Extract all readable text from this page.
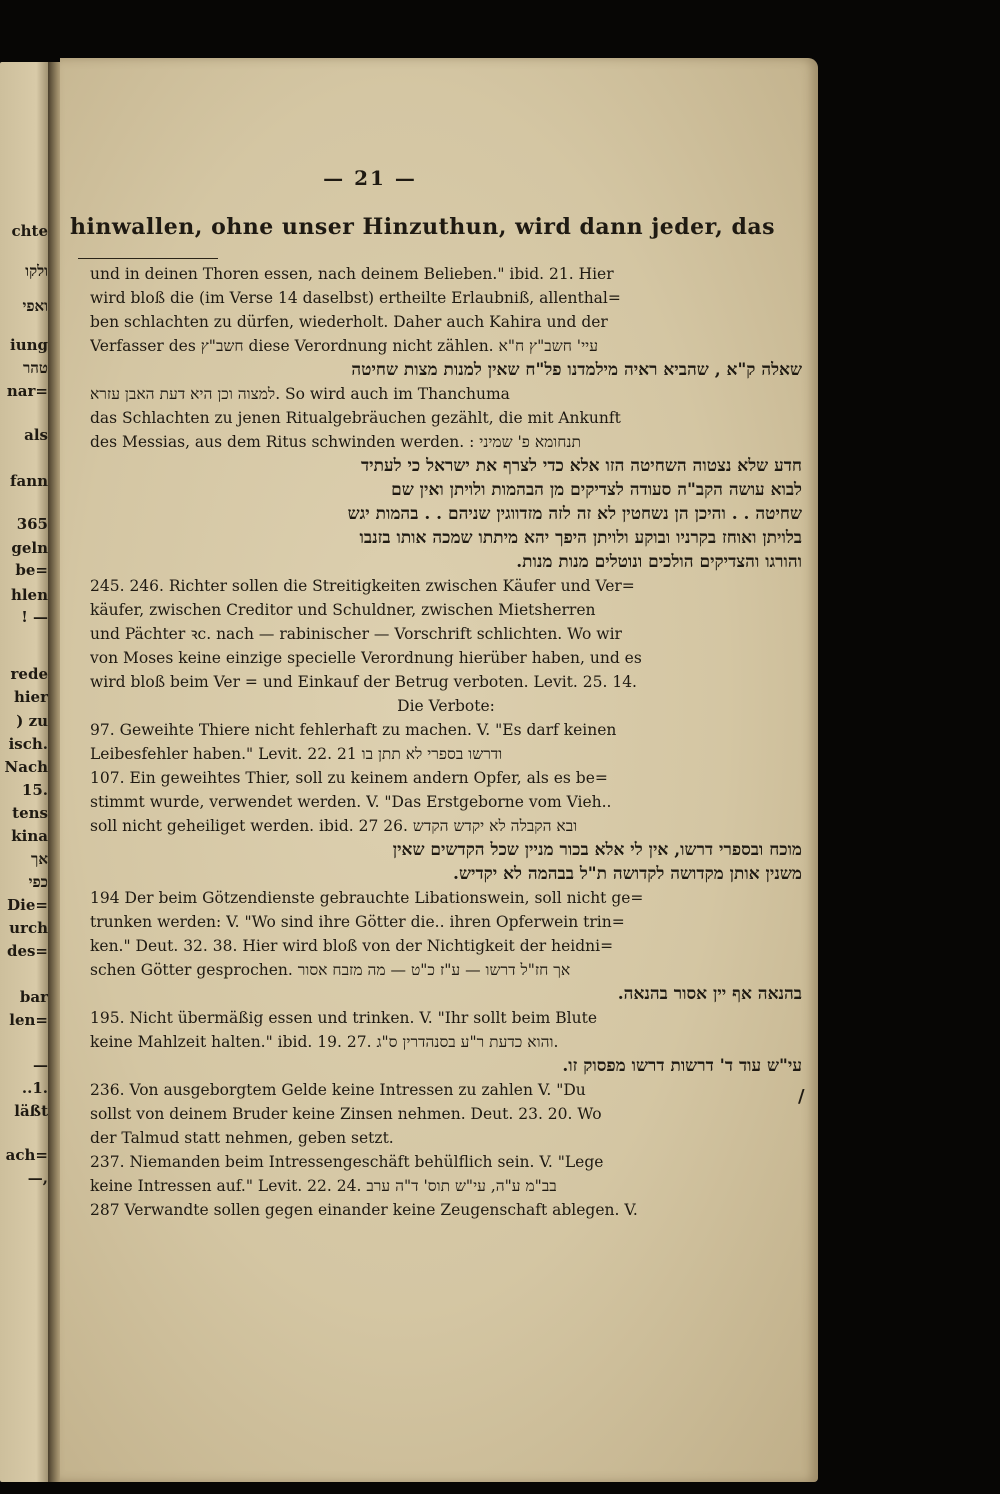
chte
ולקו
ואפי
iung
טהר
nar=
als
fann
365
geln
be=
hlen
! —
rede
hier
) zu
isch.
Nach
15.
tens
kina
אך
כפי
Die=
urch
des=
bar
len=
—
..1.
läßt
ach=
—,
— 21 —
hinwallen, ohne unser Hinzuthun, wird dann jeder, das
und in deinen Thoren essen, nach deinem Belieben." ibid. 21. Hier
wird bloß die (im Verse 14 daselbst) ertheilte Erlaubniß, allenthal=
ben schlachten zu dürfen, wiederholt. Daher auch Kahira und der
Verfasser des חשב"ץ diese Verordnung nicht zählen. עיי' חשב"ץ ח"א
שאלה ק"א , שהביא ראיה מילמדנו פל"ח שאין למנות מצות שחיטה
למצוה וכן היא דעת האבן עזרא. So wird auch im Thanchuma
das Schlachten zu jenen Ritualgebräuchen gezählt, die mit Ankunft
des Messias, aus dem Ritus schwinden werden. : תנחומא פ' שמיני
חדע שלא נצטוה השחיטה הזו אלא כדי לצרף את ישראל כי לעתיד
לבוא עושה הקב"ה סעודה לצדיקים מן הבהמות ולויתן ואין שם
שחיטה . . והיכן הן נשחטין לא זה לזה מזדווגין שניהם . . בהמות יגש
בלויתן ואוחז בקרניו ובוקע ולויתן היפך יהא מיתתו שמכה אותו בזנבו
והורגו והצדיקים הולכים ונוטלים מנות מנות.
245. 246. Richter sollen die Streitigkeiten zwischen Käufer und Ver=
käufer, zwischen Creditor und Schuldner, zwischen Mietsherren
und Pächter ꝛc. nach — rabinischer — Vorschrift schlichten. Wo wir
von Moses keine einzige specielle Verordnung hierüber haben, und es
wird bloß beim Ver = und Einkauf der Betrug verboten. Levit. 25. 14.
Die Verbote:
97. Geweihte Thiere nicht fehlerhaft zu machen. V. "Es darf keinen
Leibesfehler haben." Levit. 22. 21 ודרשו בספרי לא תתן בו
107. Ein geweihtes Thier, soll zu keinem andern Opfer, als es be=
stimmt wurde, verwendet werden. V. "Das Erstgeborne vom Vieh..
soll nicht geheiliget werden. ibid. 27 26. ובא הקבלה לא יקדש הקדש
מוכח ובספרי דרשו, אין לי אלא בכור מניין שכל הקדשים שאין
משנין אותן מקדושה לקדושה ת"ל בבהמה לא יקדיש.
194 Der beim Götzendienste gebrauchte Libationswein, soll nicht ge=
trunken werden: V. "Wo sind ihre Götter die.. ihren Opferwein trin=
ken." Deut. 32. 38. Hier wird bloß von der Nichtigkeit der heidni=
schen Götter gesprochen. אך חז"ל דרשו — ע"ז כ"ט — מה מזבח אסור
בהנאה אף יין אסור בהנאה.
195. Nicht übermäßig essen und trinken. V. "Ihr sollt beim Blute
keine Mahlzeit halten." ibid. 19. 27. והוא כדעת ר"ע בסנהדרין ס"ג.
עי"ש עוד ד' דרשות דרשו מפסוק זו.
236. Von ausgeborgtem Gelde keine Intressen zu zahlen V. "Du
sollst von deinem Bruder keine Zinsen nehmen. Deut. 23. 20. Wo
der Talmud statt nehmen, geben setzt.
237. Niemanden beim Intressengeschäft behülflich sein. V. "Lege
keine Intressen auf." Levit. 22. 24. בב"מ ע"ה, עי"ש תוס' ד"ה ערב
287 Verwandte sollen gegen einander keine Zeugenschaft ablegen. V.
/
